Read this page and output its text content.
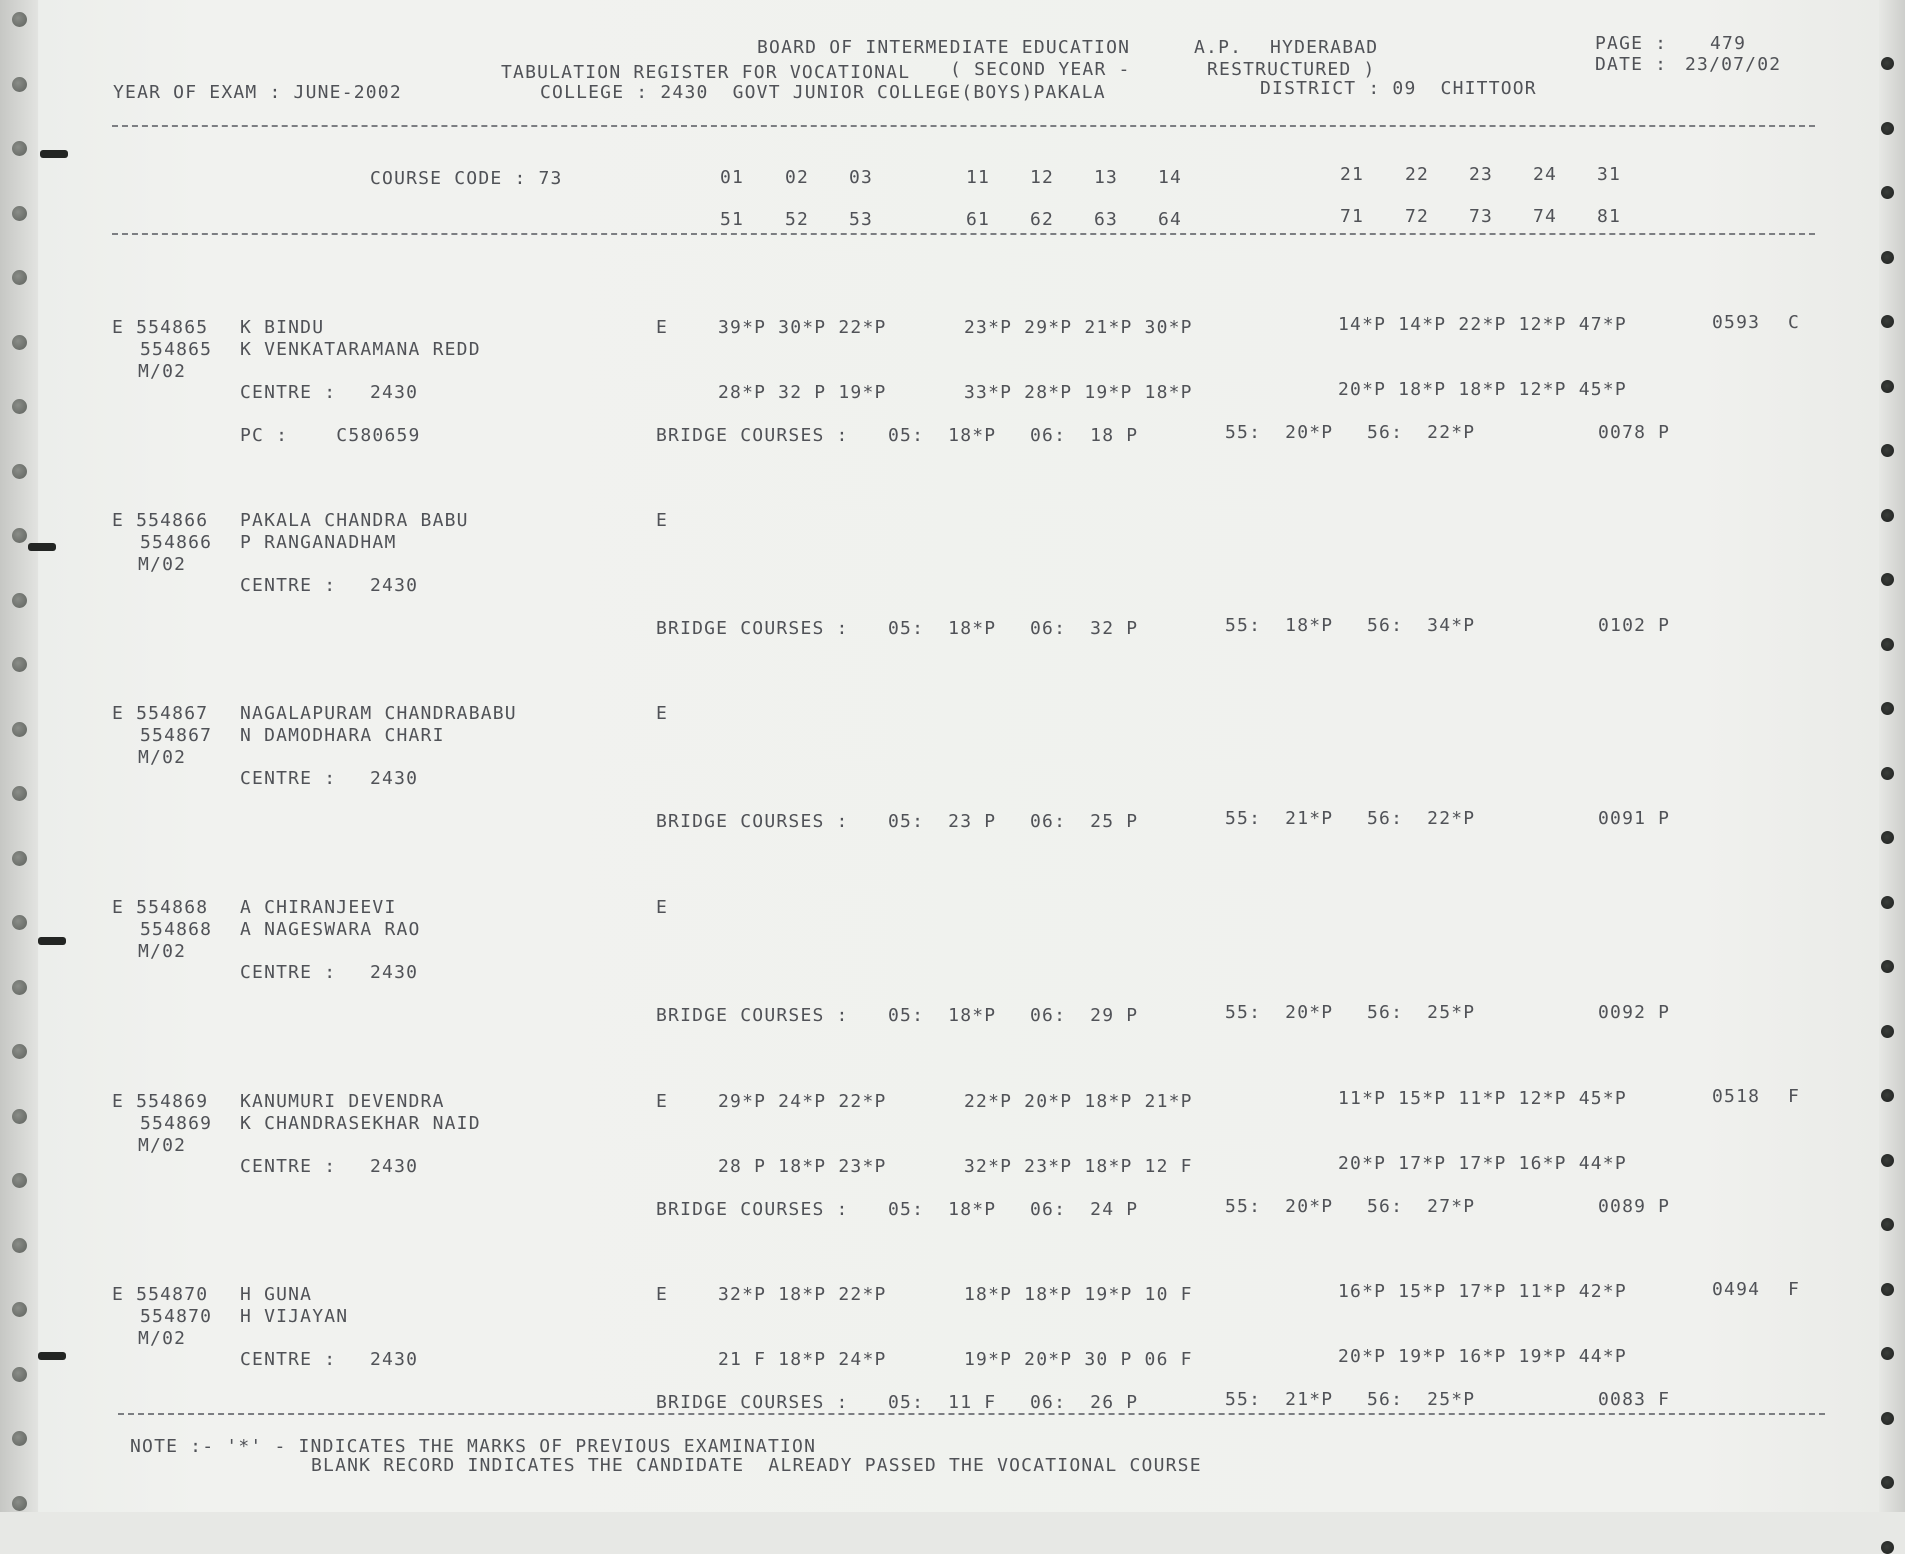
BOARD OF INTERMEDIATE EDUCATION	A.P. HYDERABAD	PAGE : 479
DATE : 23/07/02
TABULATION REGISTER FOR VOCATIONAL ( SECOND YEAR -	RESTRUCTURED )
YEAR OF EXAM : JUNE-2002	COLLEGE : 2430  GOVT JUNIOR COLLEGE(BOYS)PAKALA	DISTRICT : 09  CHITTOOR
COURSE CODE : 73	01 02 03	11 12 13 14	21 22 23 24 31
51 52 53	61 62 63 64	71 72 73 74 81
E 554865 K BINDU
554865 K VENKATARAMANA REDD
M/02
CENTRE : 2430
PC :    C580659
E	39*P 30*P 22*P	23*P 29*P 21*P 30*P	14*P 14*P 22*P 12*P 47*P	0593 C
28*P 32 P 19*P	33*P 28*P 19*P 18*P	20*P 18*P 18*P 12*P 45*P
BRIDGE COURSES : 05:  18*P 06:  18 P	55:  20*P 56:  22*P	0078 P
E 554866 PAKALA CHANDRA BABU
554866 P RANGANADHAM
M/02
CENTRE : 2430
E
BRIDGE COURSES : 05:  18*P 06:  32 P	55:  18*P 56:  34*P	0102 P
E 554867 NAGALAPURAM CHANDRABABU
554867 N DAMODHARA CHARI
M/02
CENTRE : 2430
E
BRIDGE COURSES : 05:  23 P 06:  25 P	55:  21*P 56:  22*P	0091 P
E 554868 A CHIRANJEEVI
554868 A NAGESWARA RAO
M/02
CENTRE : 2430
E
BRIDGE COURSES : 05:  18*P 06:  29 P	55:  20*P 56:  25*P	0092 P
E 554869 KANUMURI DEVENDRA
554869 K CHANDRASEKHAR NAID
M/02
CENTRE : 2430
E	29*P 24*P 22*P	22*P 20*P 18*P 21*P	11*P 15*P 11*P 12*P 45*P	0518 F
28 P 18*P 23*P	32*P 23*P 18*P 12 F	20*P 17*P 17*P 16*P 44*P
BRIDGE COURSES : 05:  18*P 06:  24 P	55:  20*P 56:  27*P	0089 P
E 554870 H GUNA
554870 H VIJAYAN
M/02
CENTRE : 2430
E	32*P 18*P 22*P	18*P 18*P 19*P 10 F	16*P 15*P 17*P 11*P 42*P	0494 F
21 F 18*P 24*P	19*P 20*P 30 P 06 F	20*P 19*P 16*P 19*P 44*P
BRIDGE COURSES : 05:  11 F 06:  26 P	55:  21*P 56:  25*P	0083 F
NOTE :- '*' - INDICATES THE MARKS OF PREVIOUS EXAMINATION
BLANK RECORD INDICATES THE CANDIDATE  ALREADY PASSED THE VOCATIONAL COURSE
